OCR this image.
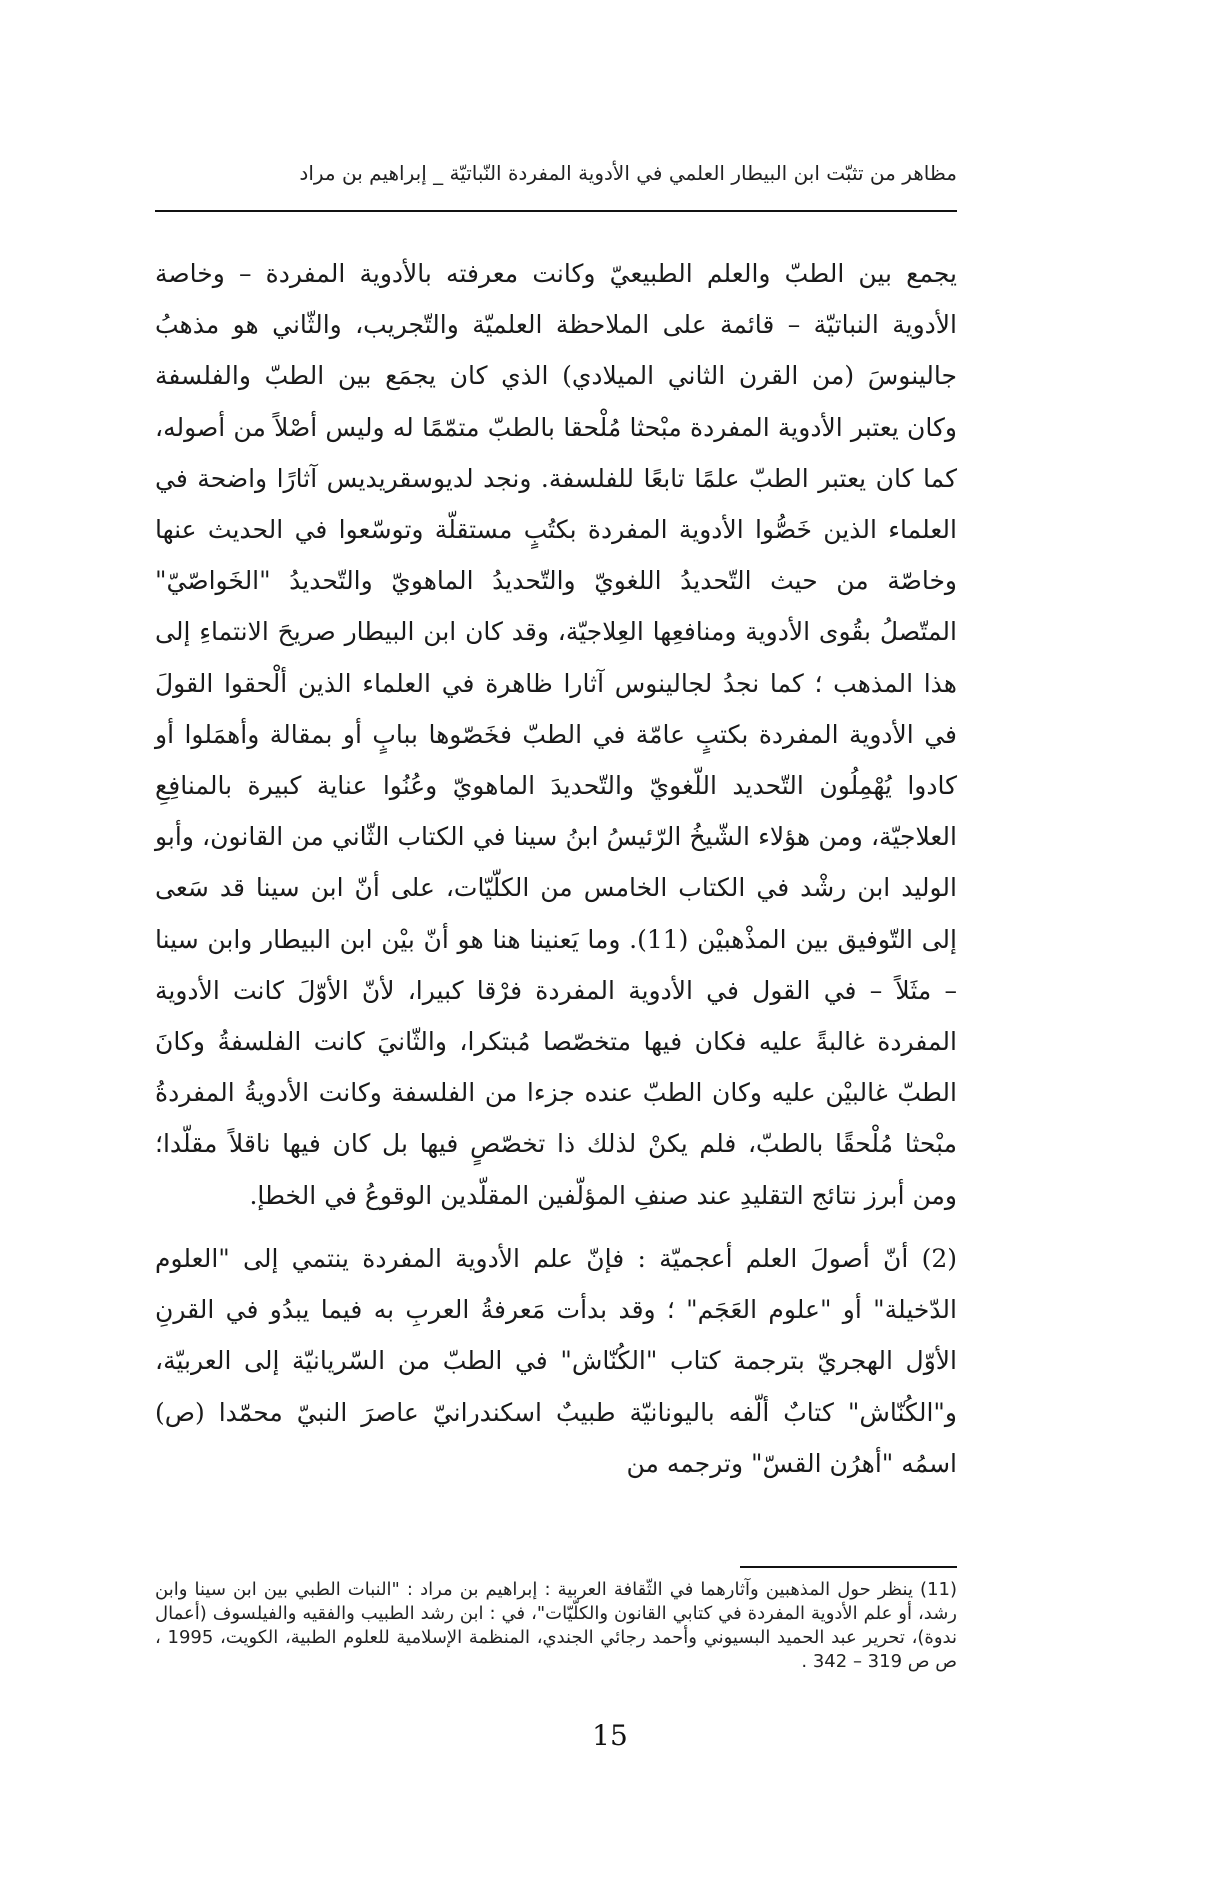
مظاهر من تثبّت ابن البيطار العلمي في الأدوية المفردة النّباتيّة _ إبراهيم بن مراد

يجمع بين الطبّ والعلم الطبيعيّ وكانت معرفته بالأدوية المفردة – وخاصة الأدوية النباتيّة – قائمة على الملاحظة العلميّة والتّجريب، والثّاني هو مذهبُ جالينوسَ (من القرن الثاني الميلادي) الذي كان يجمَع بين الطبّ والفلسفة وكان يعتبر الأدوية المفردة مبْحثا مُلْحقا بالطبّ متمّمًا له وليس أصْلاً من أصوله، كما كان يعتبر الطبّ علمًا تابعًا للفلسفة. ونجد لديوسقريديس آثارًا واضحة في العلماء الذين خَصُّوا الأدوية المفردة بكتُبٍ مستقلّة وتوسّعوا في الحديث عنها وخاصّة من حيث التّحديدُ اللغويّ والتّحديدُ الماهويّ والتّحديدُ "الخَواصّيّ" المتّصلُ بقُوى الأدوية ومنافعِها العِلاجيّة، وقد كان ابن البيطار صريحَ الانتماءِ إلى هذا المذهب ؛ كما نجدُ لجالينوس آثارا ظاهرة في العلماء الذين ألْحقوا القولَ في الأدوية المفردة بكتبٍ عامّة في الطبّ فخَصّوها ببابٍ أو بمقالة وأهمَلوا أو كادوا يُهْمِلُون التّحديد اللّغويّ والتّحديدَ الماهويّ وعُنُوا عناية كبيرة بالمنافِعِ العلاجيّة، ومن هؤلاء الشّيخُ الرّئيسُ ابنُ سينا في الكتاب الثّاني من القانون، وأبو الوليد ابن رشْد في الكتاب الخامس من الكلّيّات، على أنّ ابن سينا قد سَعى إلى التّوفيق بين المذْهبيْن (11). وما يَعنينا هنا هو أنّ بيْن ابن البيطار وابن سينا – مثَلاً – في القول في الأدوية المفردة فرْقا كبيرا، لأنّ الأوّلَ كانت الأدوية المفردة غالبةً عليه فكان فيها متخصّصا مُبتكرا، والثّانيَ كانت الفلسفةُ وكانَ الطبّ غالبيْن عليه وكان الطبّ عنده جزءا من الفلسفة وكانت الأدويةُ المفردةُ مبْحثا مُلْحقًا بالطبّ، فلم يكنْ لذلك ذا تخصّصٍ فيها بل كان فيها ناقلاً مقلّدا؛ ومن أبرز نتائج التقليدِ عند صنفِ المؤلّفين المقلّدين الوقوعُ في الخطإ.

(2) أنّ أصولَ العلم أعجميّة : فإنّ علم الأدوية المفردة ينتمي إلى "العلوم الدّخيلة" أو "علوم العَجَم" ؛ وقد بدأت مَعرفةُ العربِ به فيما يبدُو في القرنِ الأوّل الهجريّ بترجمة كتاب "الكُنّاش" في الطبّ من السّريانيّة إلى العربيّة، و"الكُنّاش" كتابٌ ألّفه باليونانيّة طبيبٌ اسكندرانيّ عاصرَ النبيّ محمّدا (ص) اسمُه "أهرُن القسّ" وترجمه من

(11) ينظر حول المذهبين وآثارهما في الثّقافة العربية : إبراهيم بن مراد : "النبات الطبي بين ابن سينا وابن رشد، أو علم الأدوية المفردة في كتابي القانون والكلّيّات"، في : ابن رشد الطبيب والفقيه والفيلسوف (أعمال ندوة)، تحرير عبد الحميد البسيوني وأحمد رجائي الجندي، المنظمة الإسلامية للعلوم الطبية، الكويت، 1995 ، ص ص 319 – 342 .

15
